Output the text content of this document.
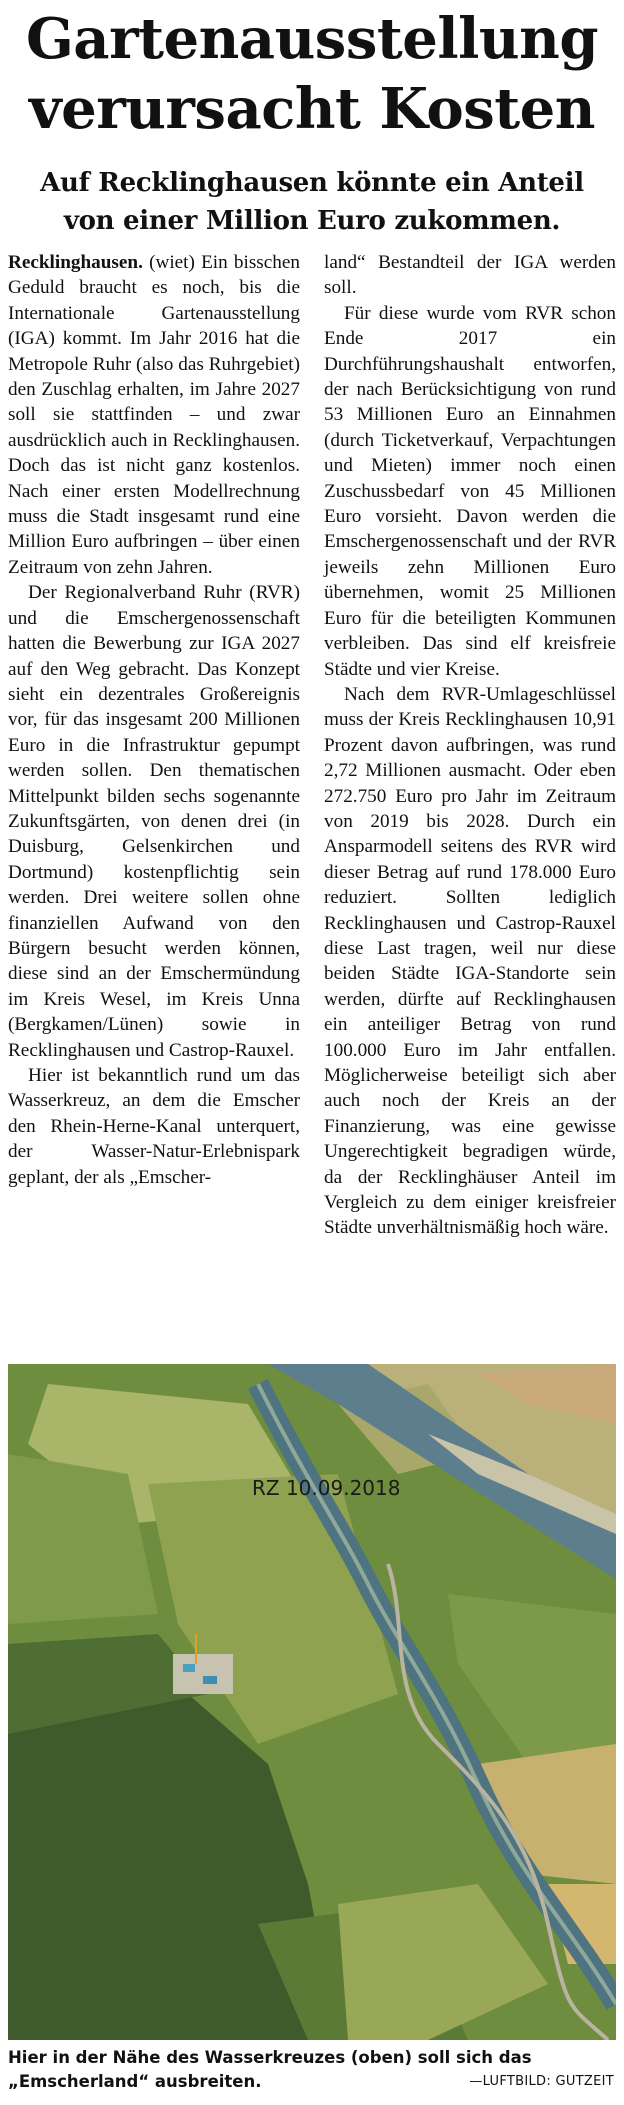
Gartenausstellung
verursacht Kosten
Auf Recklinghausen könnte ein Anteil
von einer Million Euro zukommen.

Recklinghausen. (wiet) Ein bisschen Geduld braucht es noch, bis die Internationale Gartenausstellung (IGA) kommt. Im Jahr 2016 hat die Metropole Ruhr (also das Ruhrgebiet) den Zuschlag erhalten, im Jahre 2027 soll sie stattfinden – und zwar ausdrücklich auch in Recklinghausen. Doch das ist nicht ganz kostenlos. Nach einer ersten Modellrechnung muss die Stadt insgesamt rund eine Million Euro aufbringen – über einen Zeitraum von zehn Jahren.

Der Regionalverband Ruhr (RVR) und die Emschergenossenschaft hatten die Bewerbung zur IGA 2027 auf den Weg gebracht. Das Konzept sieht ein dezentrales Großereignis vor, für das insgesamt 200 Millionen Euro in die Infrastruktur gepumpt werden sollen. Den thematischen Mittelpunkt bilden sechs sogenannte Zukunftsgärten, von denen drei (in Duisburg, Gelsenkirchen und Dortmund) kostenpflichtig sein werden. Drei weitere sollen ohne finanziellen Aufwand von den Bürgern besucht werden können, diese sind an der Emschermündung im Kreis Wesel, im Kreis Unna (Bergkamen/Lünen) sowie in Recklinghausen und Castrop-Rauxel.

Hier ist bekanntlich rund um das Wasserkreuz, an dem die Emscher den Rhein-Herne-Kanal unterquert, der Wasser-Natur-Erlebnispark geplant, der als „Emscher-

land“ Bestandteil der IGA werden soll.

Für diese wurde vom RVR schon Ende 2017 ein Durchführungshaushalt entworfen, der nach Berücksichtigung von rund 53 Millionen Euro an Einnahmen (durch Ticketverkauf, Verpachtungen und Mieten) immer noch einen Zuschussbedarf von 45 Millionen Euro vorsieht. Davon werden die Emschergenossenschaft und der RVR jeweils zehn Millionen Euro übernehmen, womit 25 Millionen Euro für die beteiligten Kommunen verbleiben. Das sind elf kreisfreie Städte und vier Kreise.

Nach dem RVR-Umlageschlüssel muss der Kreis Recklinghausen 10,91 Prozent davon aufbringen, was rund 2,72 Millionen ausmacht. Oder eben 272.750 Euro pro Jahr im Zeitraum von 2019 bis 2028. Durch ein Ansparmodell seitens des RVR wird dieser Betrag auf rund 178.000 Euro reduziert. Sollten lediglich Recklinghausen und Castrop-Rauxel diese Last tragen, weil nur diese beiden Städte IGA-Standorte sein werden, dürfte auf Recklinghausen ein anteiliger Betrag von rund 100.000 Euro im Jahr entfallen. Möglicherweise beteiligt sich aber auch noch der Kreis an der Finanzierung, was eine gewisse Ungerechtigkeit begradigen würde, da der Recklinghäuser Anteil im Vergleich zu dem einiger kreisfreier Städte unverhältnismäßig hoch wäre.

RZ 10.09.2018
Hier in der Nähe des Wasserkreuzes (oben) soll sich das
„Emscherland“ ausbreiten.	—LUFTBILD: GUTZEIT
